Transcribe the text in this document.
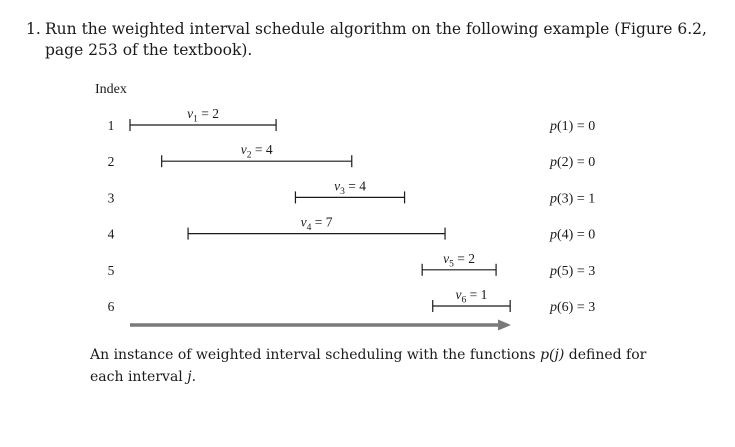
1. Run the weighted interval schedule algorithm on the following example (Figure 6.2, page 253 of the textbook).
Index
1
$v_1 = 2$
p(1) = 0
2
$v_2 = 4$
p(2) = 0
3
$v_3 = 4$
p(3) = 1
4
$v_4 = 7$
p(4) = 0
5
$v_5 = 2$
p(5) = 3
6
$v_6 = 1$
p(6) = 3
An instance of weighted interval scheduling with the functions p(j) defined for each interval j.
